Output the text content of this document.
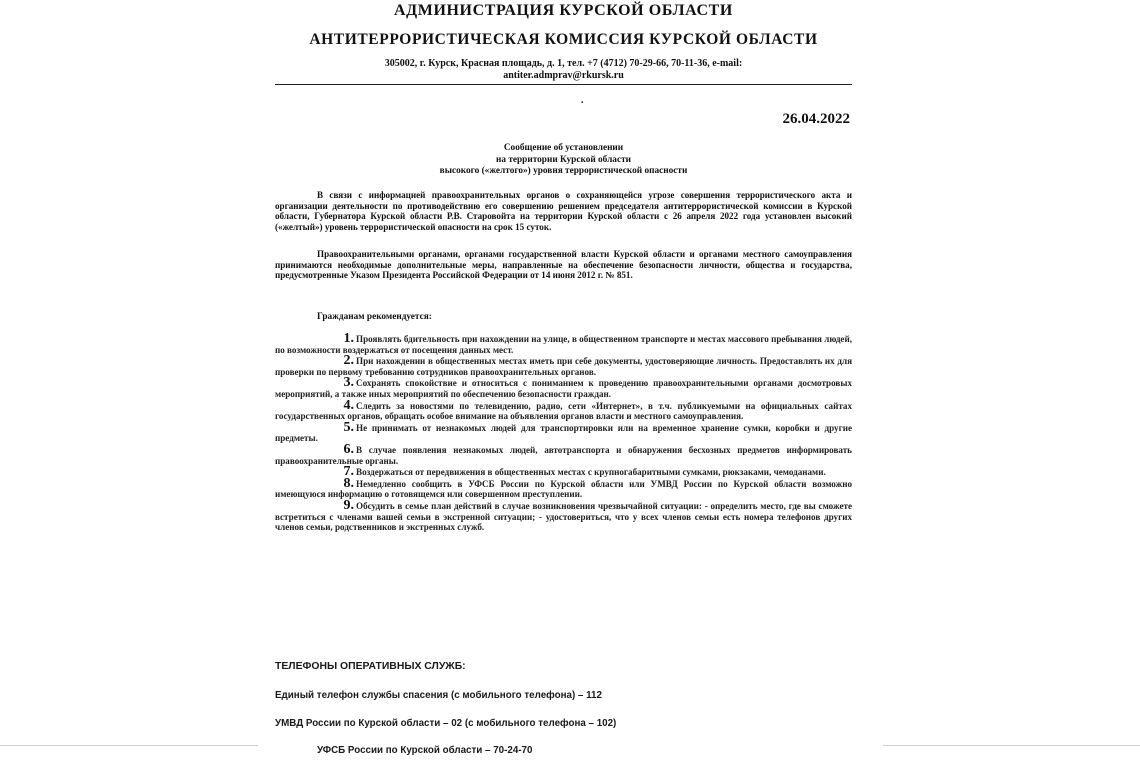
АДМИНИСТРАЦИЯ КУРСКОЙ ОБЛАСТИ
АНТИТЕРРОРИСТИЧЕСКАЯ КОМИССИЯ КУРСКОЙ ОБЛАСТИ
305002, г. Курск, Красная площадь, д. 1, тел. +7 (4712) 70-29-66, 70-11-36, e-mail:
antiter.admprav@rkursk.ru
.
26.04.2022
Сообщение об установлении
на территории Курской области
высокого («желтого») уровня террористической опасности

В связи с информацией правоохранительных органов о сохраняющейся угрозе совершения террористического акта и организации деятельности по противодействию его совершению решением председателя антитеррористической комиссии в Курской области, Губернатора Курской области Р.В. Старовойта на территории Курской области с 26 апреля 2022 года установлен высокий («желтый») уровень террористической опасности на срок 15 суток.

Правоохранительными органами, органами государственной власти Курской области и органами местного самоуправления принимаются необходимые дополнительные меры, направленные на обеспечение безопасности личности, общества и государства, предусмотренные Указом Президента Российской Федерации от 14 июня 2012 г. № 851.

Гражданам рекомендуется:

1. Проявлять бдительность при нахождении на улице, в общественном транспорте и местах массового пребывания людей, по возможности воздержаться от посещения данных мест.

2. При нахождении в общественных местах иметь при себе документы, удостоверяющие личность. Предоставлять их для проверки по первому требованию сотрудников правоохранительных органов.

3. Сохранять спокойствие и относиться с пониманием к проведению правоохранительными органами досмотровых мероприятий, а также иных мероприятий по обеспечению безопасности граждан.

4. Следить за новостями по телевидению, радио, сети «Интернет», в т.ч. публикуемыми на официальных сайтах государственных органов, обращать особое внимание на объявления органов власти и местного самоуправления.

5. Не принимать от незнакомых людей для транспортировки или на временное хранение сумки, коробки и другие предметы.

6. В случае появления незнакомых людей, автотранспорта и обнаружения бесхозных предметов информировать правоохранительные органы.

7. Воздержаться от передвижения в общественных местах с крупногабаритными сумками, рюкзаками, чемоданами.

8. Немедленно сообщить в УФСБ России по Курской области или УМВД России по Курской области возможно имеющуюся информацию о готовящемся или совершенном преступлении.

9. Обсудить в семье план действий в случае возникновения чрезвычайной ситуации: - определить место, где вы сможете встретиться с членами вашей семьи в экстренной ситуации; - удостовериться, что у всех членов семьи есть номера телефонов других членов семьи, родственников и экстренных служб.

ТЕЛЕФОНЫ ОПЕРАТИВНЫХ СЛУЖБ:
Единый телефон службы спасения (с мобильного телефона) – 112
УМВД России по Курской области – 02 (с мобильного телефона – 102)
УФСБ России по Курской области – 70-24-70
